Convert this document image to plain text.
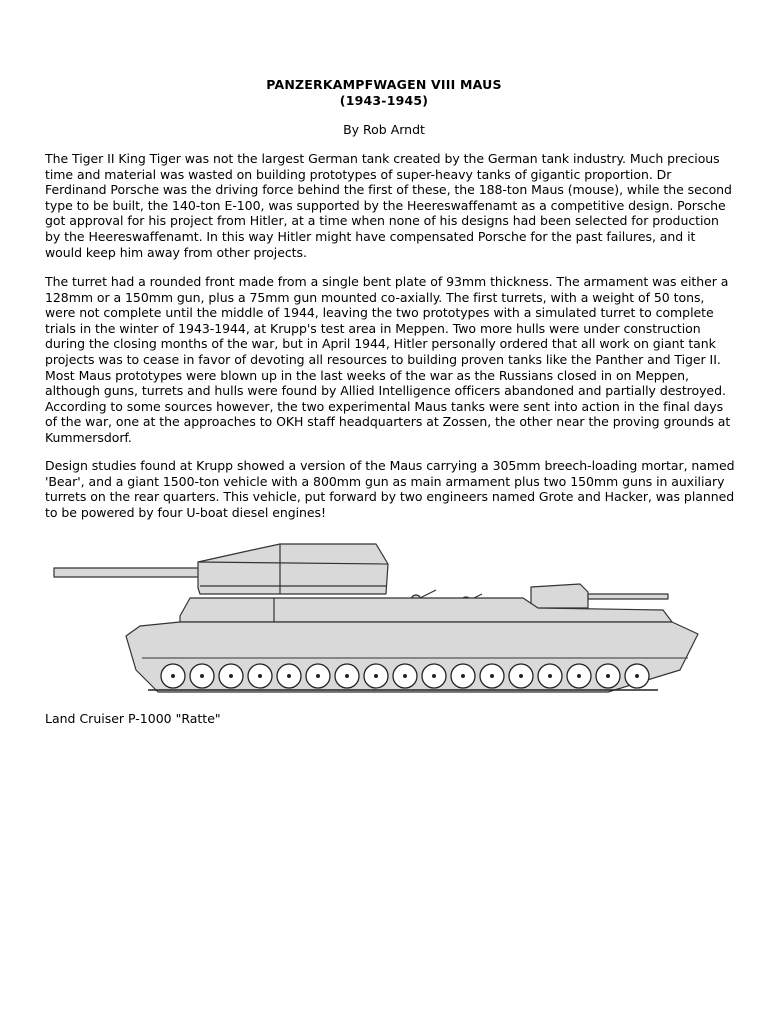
PANZERKAMPFWAGEN VIII MAUS
(1943-1945)
By Rob Arndt

The Tiger II King Tiger was not the largest German tank created by the German tank industry. Much precious time and material was wasted on building prototypes of super-heavy tanks of gigantic proportion. Dr Ferdinand Porsche was the driving force behind the first of these, the 188-ton Maus (mouse), while the second type to be built, the 140-ton E-100, was supported by the Heereswaffenamt as a competitive design. Porsche got approval for his project from Hitler, at a time when none of his designs had been selected for production by the Heereswaffenamt. In this way Hitler might have compensated Porsche for the past failures, and it would keep him away from other projects.

The turret had a rounded front made from a single bent plate of 93mm thickness. The armament was either a 128mm or a 150mm gun, plus a 75mm gun mounted co-axially. The first turrets, with a weight of 50 tons, were not complete until the middle of 1944, leaving the two prototypes with a simulated turret to complete trials in the winter of 1943-1944, at Krupp's test area in Meppen. Two more hulls were under construction during the closing months of the war, but in April 1944, Hitler personally ordered that all work on giant tank projects was to cease in favor of devoting all resources to building proven tanks like the Panther and Tiger II. Most Maus prototypes were blown up in the last weeks of the war as the Russians closed in on Meppen, although guns, turrets and hulls were found by Allied Intelligence officers abandoned and partially destroyed. According to some sources however, the two experimental Maus tanks were sent into action in the final days of the war, one at the approaches to OKH staff headquarters at Zossen, the other near the proving grounds at Kummersdorf.

Design studies found at Krupp showed a version of the Maus carrying a 305mm breech-loading mortar, named 'Bear', and a giant 1500-ton vehicle with a 800mm gun as main armament plus two 150mm guns in auxiliary turrets on the rear quarters. This vehicle, put forward by two engineers named Grote and Hacker, was planned to be powered by four U-boat diesel engines!

Land Cruiser P-1000 "Ratte"
